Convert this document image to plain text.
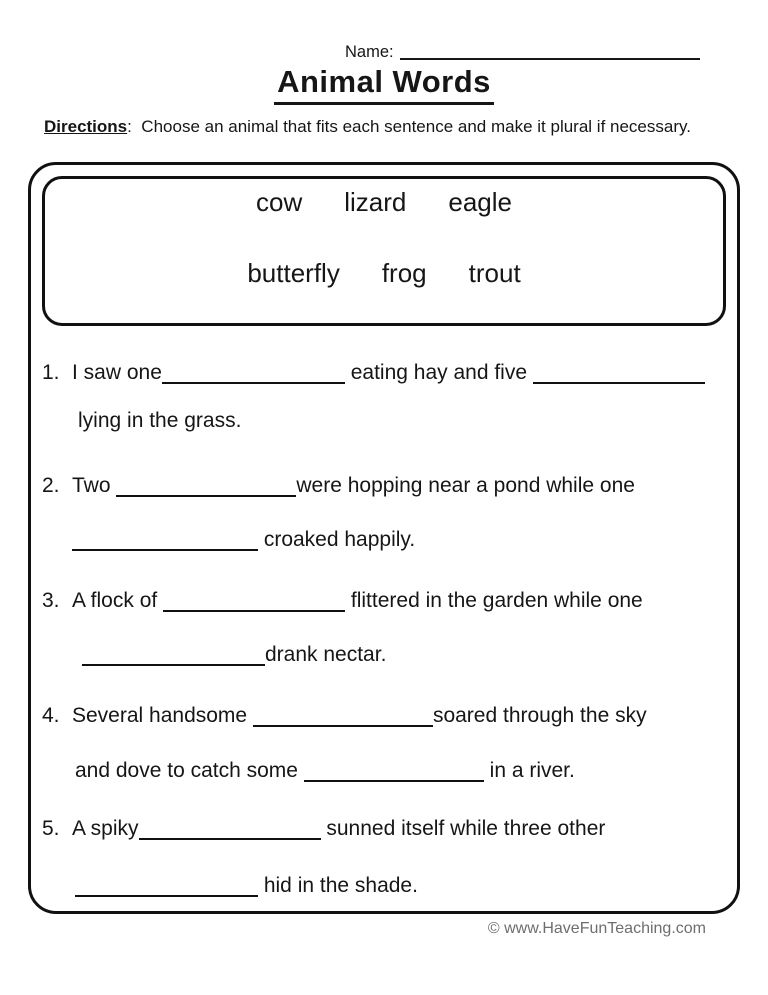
Name:
Animal Words
Directions:  Choose an animal that fits each sentence and make it plural if necessary.
cow lizard eagle
butterfly frog trout
1. I saw one	eating hay and five
lying in the grass.
2. Two	were hopping near a pond while one
croaked happily.
3. A flock of	flittered in the garden while one
drank nectar.
4. Several handsome	soared through the sky
and dove to catch some	in a river.
5. A spiky	sunned itself while three other
hid in the shade.
© www.HaveFunTeaching.com
